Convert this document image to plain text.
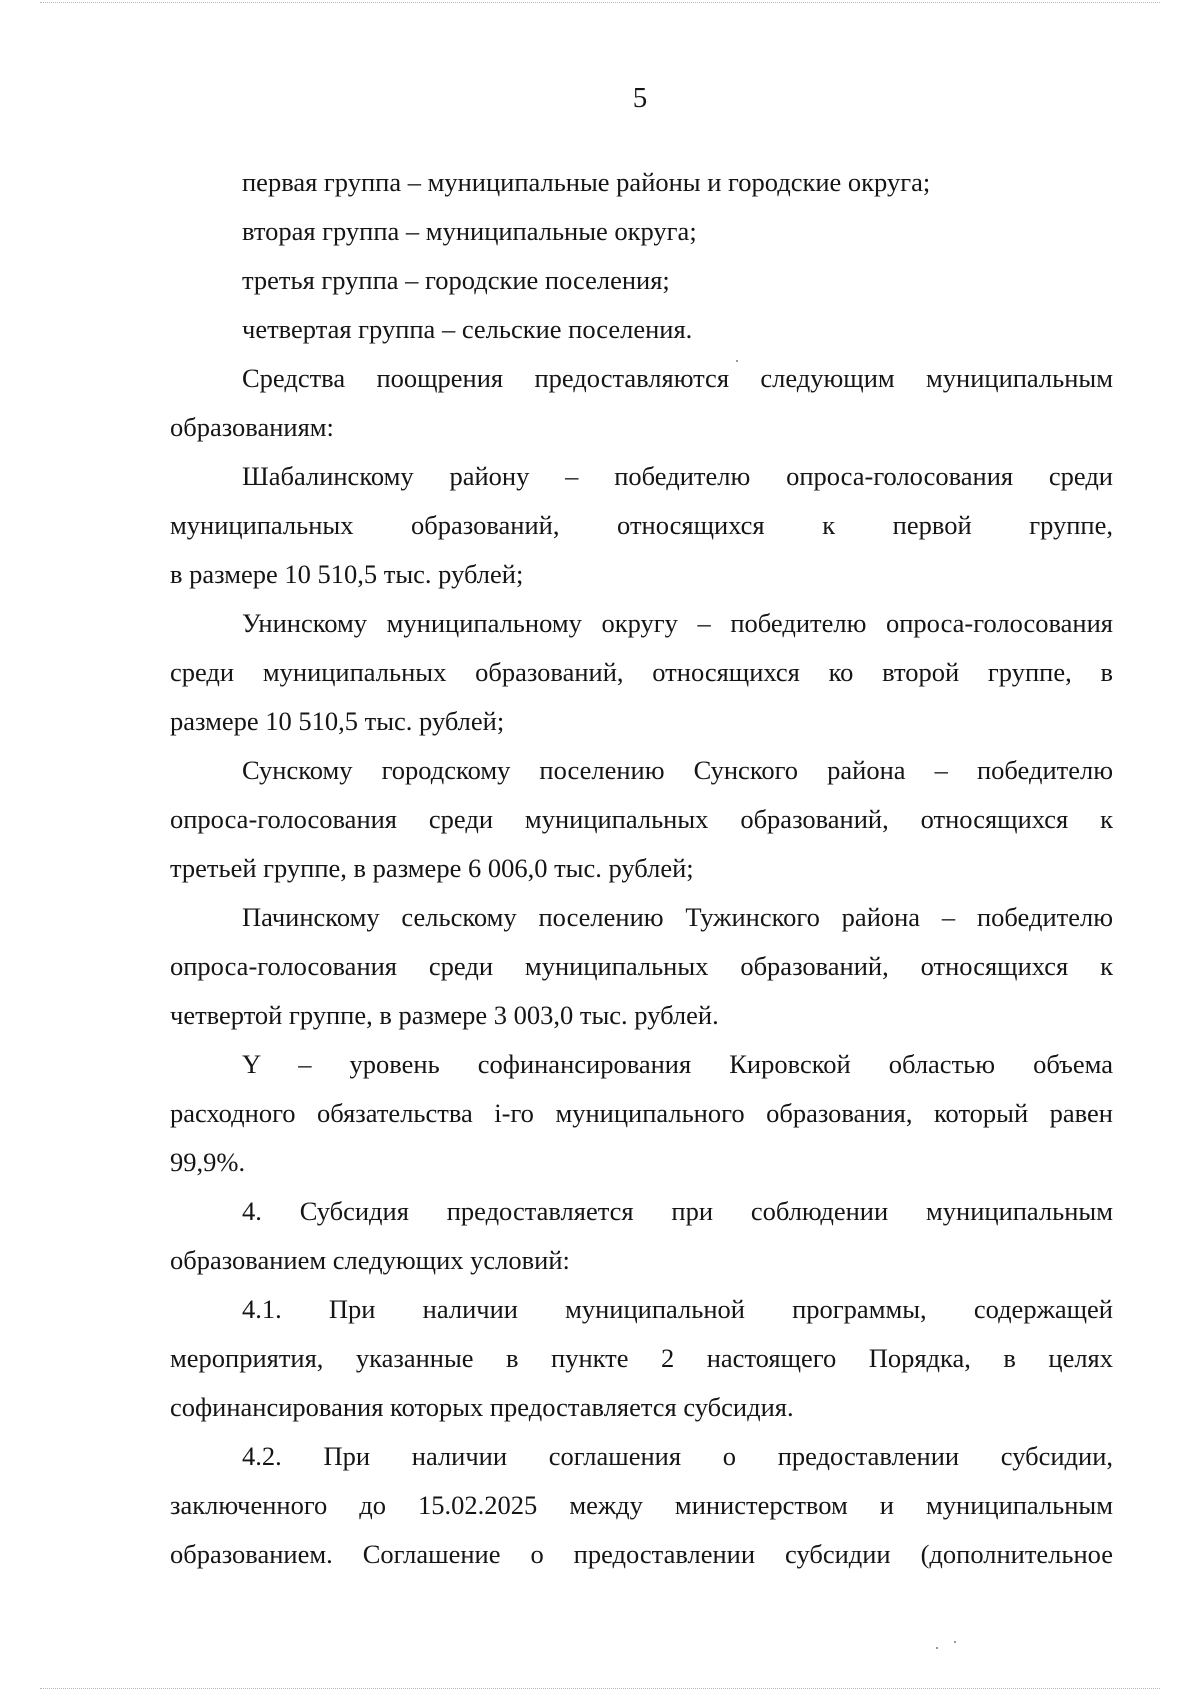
5
первая группа – муниципальные районы и городские округа;
вторая группа – муниципальные округа;
третья группа – городские поселения;
четвертая группа – сельские поселения.
Средства поощрения предоставляются следующим муниципальным
образованиям:
Шабалинскому району – победителю опроса-голосования среди
муниципальных образований, относящихся к первой группе,
в размере 10 510,5 тыс. рублей;
Унинскому муниципальному округу – победителю опроса-голосования
среди муниципальных образований, относящихся ко второй группе, в
размере 10 510,5 тыс. рублей;
Сунскому городскому поселению Сунского района – победителю
опроса-голосования среди муниципальных образований, относящихся к
третьей группе, в размере 6 006,0 тыс. рублей;
Пачинскому сельскому поселению Тужинского района – победителю
опроса-голосования среди муниципальных образований, относящихся к
четвертой группе, в размере 3 003,0 тыс. рублей.
Y – уровень софинансирования Кировской областью объема
расходного обязательства i-го муниципального образования, который равен
99,9%.
4. Субсидия предоставляется при соблюдении муниципальным
образованием следующих условий:
4.1. При наличии муниципальной программы, содержащей
мероприятия, указанные в пункте 2 настоящего Порядка, в целях
софинансирования которых предоставляется субсидия.
4.2. При наличии соглашения о предоставлении субсидии,
заключенного до 15.02.2025 между министерством и муниципальным
образованием. Соглашение о предоставлении субсидии (дополнительное
